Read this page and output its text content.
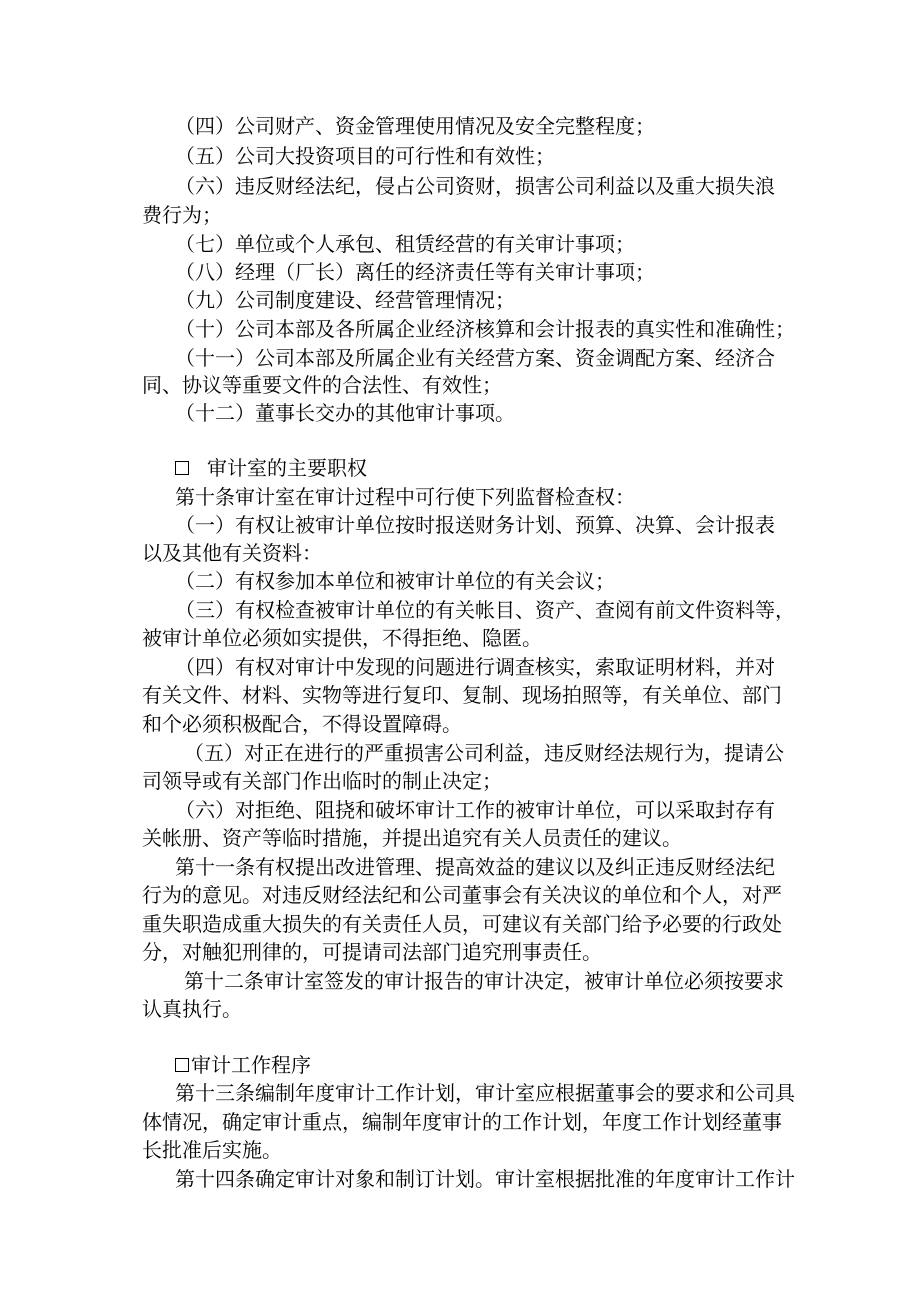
（四）公司财产、资金管理使用情况及安全完整程度；

（五）公司大投资项目的可行性和有效性；

（六）违反财经法纪，侵占公司资财，损害公司利益以及重大损失浪

费行为；

（七）单位或个人承包、租赁经营的有关审计事项；

（八）经理（厂长）离任的经济责任等有关审计事项；

（九）公司制度建设、经营管理情况；

（十）公司本部及各所属企业经济核算和会计报表的真实性和准确性；

（十一）公司本部及所属企业有关经营方案、资金调配方案、经济合

同、协议等重要文件的合法性、有效性；

（十二）董事长交办的其他审计事项。

审计室的主要职权

第十条审计室在审计过程中可行使下列监督检查权：

（一）有权让被审计单位按时报送财务计划、预算、决算、会计报表

以及其他有关资料：

（二）有权参加本单位和被审计单位的有关会议；

（三）有权检查被审计单位的有关帐目、资产、查阅有前文件资料等，

被审计单位必须如实提供，不得拒绝、隐匿。

（四）有权对审计中发现的问题进行调查核实，索取证明材料，并对

有关文件、材料、实物等进行复印、复制、现场拍照等，有关单位、部门

和个必须积极配合，不得设置障碍。

（五）对正在进行的严重损害公司利益，违反财经法规行为，提请公

司领导或有关部门作出临时的制止决定；

（六）对拒绝、阻挠和破坏审计工作的被审计单位，可以采取封存有

关帐册、资产等临时措施，并提出追究有关人员责任的建议。

第十一条有权提出改进管理、提高效益的建议以及纠正违反财经法纪

行为的意见。对违反财经法纪和公司董事会有关决议的单位和个人，对严

重失职造成重大损失的有关责任人员，可建议有关部门给予必要的行政处

分，对触犯刑律的，可提请司法部门追究刑事责任。

第十二条审计室签发的审计报告的审计决定，被审计单位必须按要求

认真执行。

审计工作程序

第十三条编制年度审计工作计划，审计室应根据董事会的要求和公司具

体情况，确定审计重点，编制年度审计的工作计划，年度工作计划经董事

长批准后实施。

第十四条确定审计对象和制订计划。审计室根据批准的年度审计工作计
